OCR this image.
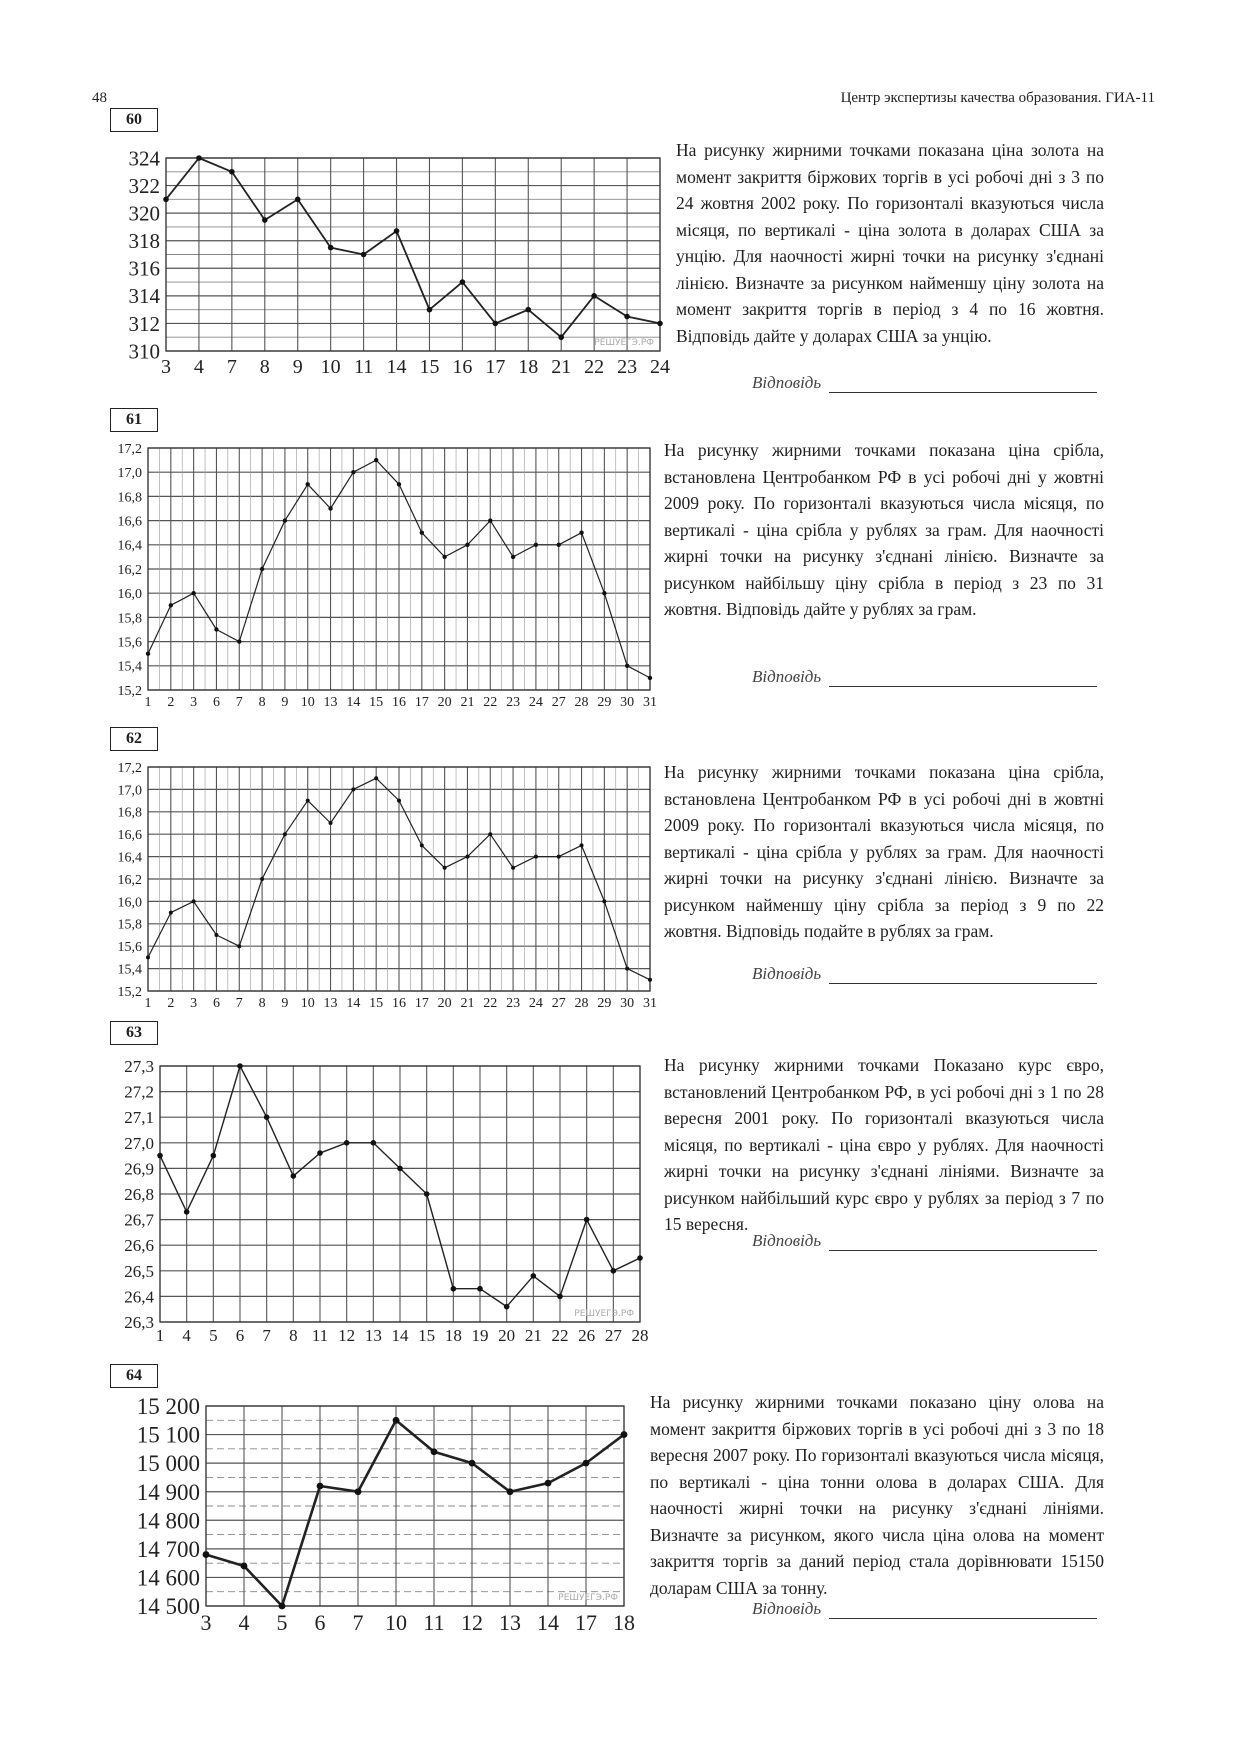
48	Центр экспертизы качества образования. ГИА-11
60
310
312
314
316
318
320
322
324
3 4 7 8 9 10 11 14 15 16 17 18 21 22 23 24
РЕШУЕГЭ.РФ
На рисунку жирними точками показана ціна золота на момент закриття біржових торгів в усі робочі дні з 3 по 24 жовтня 2002 року. По горизонталі вказуються числа місяця, по вертикалі - ціна золота в доларах США за унцію. Для наочності жирні точки на рисунку з'єднані лінією. Визначте за рисунком найменшу ціну золота на момент закриття торгів в період з 4 по 16 жовтня. Відповідь дайте у доларах США за унцію.
Відповідь
61
15,2
15,4
15,6
15,8
16,0
16,2
16,4
16,6
16,8
17,0
17,2
1 2 3 6 7 8 9 10 13 14 15 16 17 20 21 22 23 24 27 28 29 30 31
На рисунку жирними точками показана ціна срібла, встановлена Центробанком РФ в усі робочі дні у жовтні 2009 року. По горизонталі вказуються числа місяця, по вертикалі - ціна срібла у рублях за грам. Для наочності жирні точки на рисунку з'єднані лінією. Визначте за рисунком найбільшу ціну срібла в період з 23 по 31 жовтня. Відповідь дайте у рублях за грам.
Відповідь
62
15,2
15,4
15,6
15,8
16,0
16,2
16,4
16,6
16,8
17,0
17,2
1 2 3 6 7 8 9 10 13 14 15 16 17 20 21 22 23 24 27 28 29 30 31
На рисунку жирними точками показана ціна срібла, встановлена Центробанком РФ в усі робочі дні в жовтні 2009 року. По горизонталі вказуються числа місяця, по вертикалі - ціна срібла у рублях за грам. Для наочності жирні точки на рисунку з'єднані лінією. Визначте за рисунком найменшу ціну срібла за період з 9 по 22 жовтня. Відповідь подайте в рублях за грам.
Відповідь
63
26,3
26,4
26,5
26,6
26,7
26,8
26,9
27,0
27,1
27,2
27,3
1 4 5 6 7 8 11 12 13 14 15 18 19 20 21 22 26 27 28
РЕШУЕГЭ.РФ
На рисунку жирними точками Показано курс євро, встановлений Центробанком РФ, в усі робочі дні з 1 по 28 вересня 2001 року. По горизонталі вказуються числа місяця, по вертикалі - ціна євро у рублях. Для наочності жирні точки на рисунку з'єднані лініями. Визначте за рисунком найбільший курс євро у рублях за період з 7 по 15 вересня.
Відповідь
64
14 500
14 600
14 700
14 800
14 900
15 000
15 100
15 200
3 4 5 6 7 10 11 12 13 14 17 18
РЕШУЕГЭ.РФ
На рисунку жирними точками показано ціну олова на момент закриття біржових торгів в усі робочі дні з 3 по 18 вересня 2007 року. По горизонталі вказуються числа місяця, по вертикалі - ціна тонни олова в доларах США. Для наочності жирні точки на рисунку з'єднані лініями. Визначте за рисунком, якого числа ціна олова на момент закриття торгів за даний період стала дорівнювати 15150 доларам США за тонну.
Відповідь
